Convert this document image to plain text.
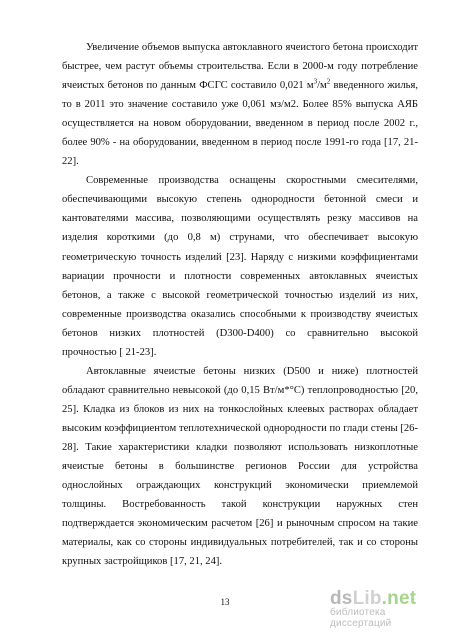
Увеличение объемов выпуска автоклавного ячеистого бетона происходит быстрее, чем растут объемы строительства. Если в 2000-м году потребление ячеистых бетонов по данным ФСГС составило 0,021 $м^3/м^2$ введенного жилья, то в 2011 это значение составило уже 0,061 мз/м2. Более 85% выпуска АЯБ осуществляется на новом оборудовании, введенном в период после 2002 г., более 90% - на оборудовании, введенном в период после 1991-го года [17, 21-22].

Современные производства оснащены скоростными смесителями, обеспечивающими высокую степень однородности бетонной смеси и кантователями массива, позволяющими осуществлять резку массивов на изделия короткими (до 0,8 м) струнами, что обеспечивает высокую геометрическую точность изделий [23]. Наряду с низкими коэффициентами вариации прочности и плотности современных автоклавных ячеистых бетонов, а также с высокой геометрической точностью изделий из них, современные производства оказались способными к производству ячеистых бетонов низких плотностей (D300-D400) со сравнительно высокой прочностью [ 21-23].

Автоклавные ячеистые бетоны низких (D500 и ниже) плотностей обладают сравнительно невысокой (до 0,15 Вт/м*°С) теплопроводностью [20, 25]. Кладка из блоков из них на тонкослойных клеевых растворах обладает высоким коэффициентом теплотехнической однородности по глади стены [26-28]. Такие характеристики кладки позволяют использовать низкоплотные ячеистые бетоны в большинстве регионов России для устройства однослойных ограждающих конструкций экономически приемлемой толщины. Востребованность такой конструкции наружных стен подтверждается экономическим расчетом [26] и рыночным спросом на такие материалы, как со стороны индивидуальных потребителей, так и со стороны крупных застройщиков [17, 21, 24].

13	dsLib.net
библиотека диссертаций
